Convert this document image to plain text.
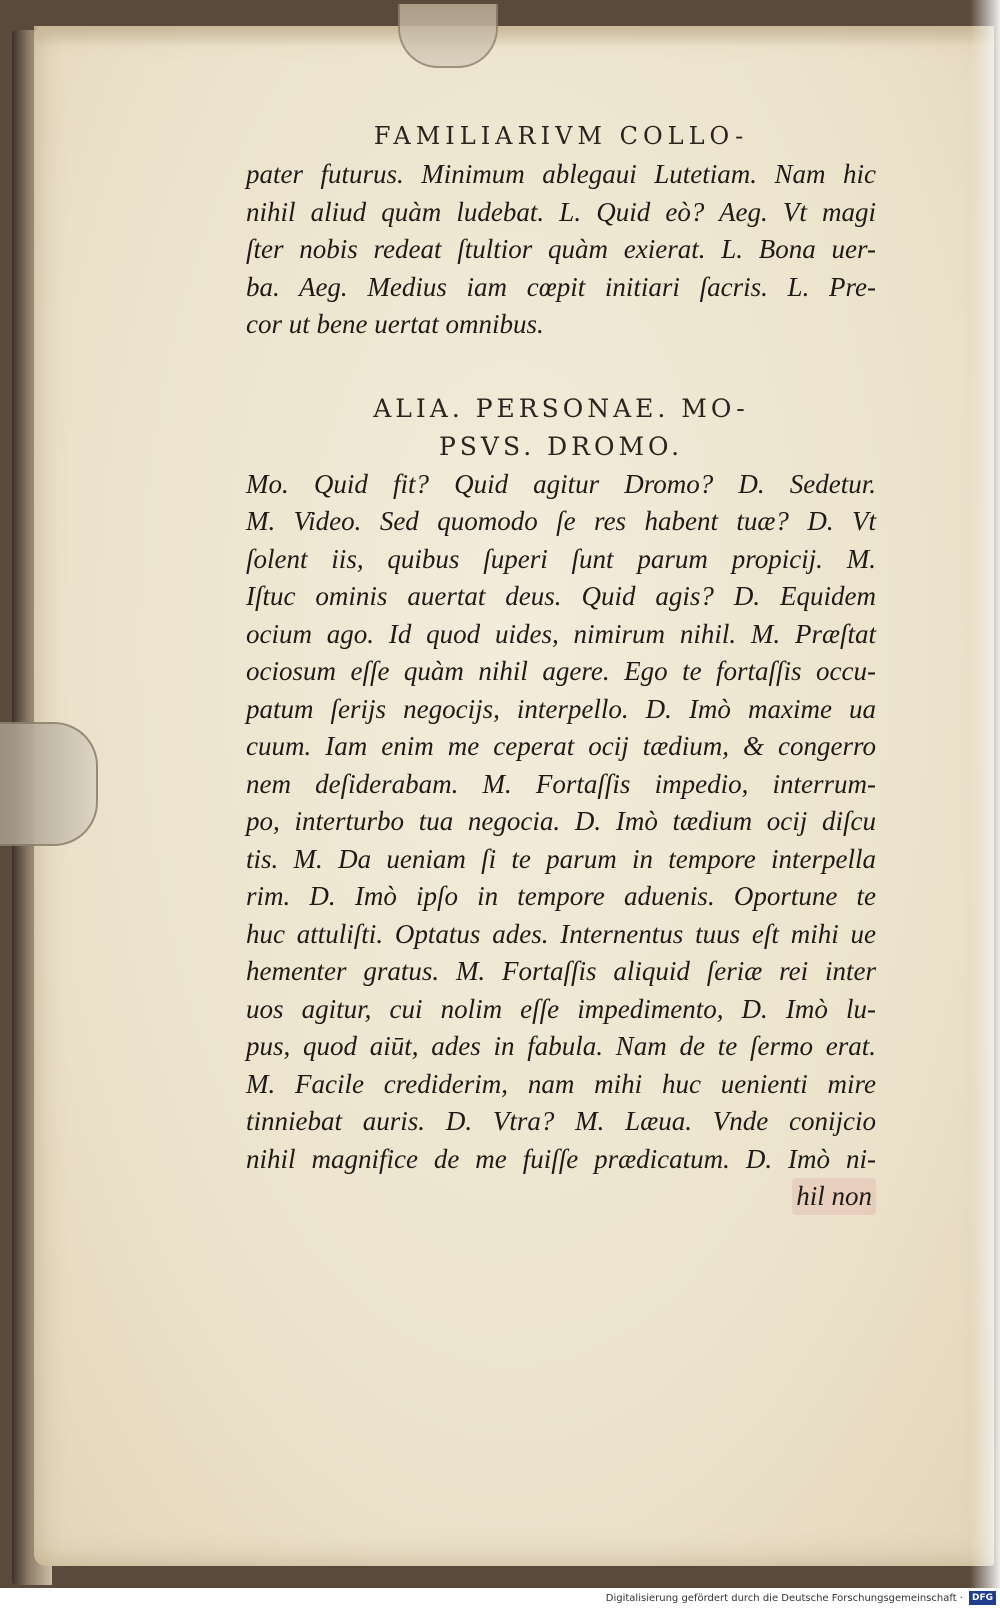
FAMILIARIVM COLLO-

pater futurus. Minimum ablegaui Lutetiam. Nam hic

nihil aliud quàm ludebat. L. Quid eò? Aeg. Vt magi

ſter nobis redeat ſtultior quàm exierat. L. Bona uer-

ba. Aeg. Medius iam cœpit initiari ſacris. L. Pre-

cor ut bene uertat omnibus.

ALIA. PERSONAE. MO-

PSVS. DROMO.

Mo. Quid fit? Quid agitur Dromo? D. Sedetur.

M. Video. Sed quomodo ſe res habent tuæ? D. Vt

ſolent iis, quibus ſuperi ſunt parum propicij. M.

Iſtuc ominis auertat deus. Quid agis? D. Equidem

ocium ago. Id quod uides, nimirum nihil. M. Præſtat

ociosum eſſe quàm nihil agere. Ego te fortaſſis occu-

patum ſerijs negocijs, interpello. D. Imò maxime ua

cuum. Iam enim me ceperat ocij tædium, & congerro

nem deſiderabam. M. Fortaſſis impedio, interrum-

po, interturbo tua negocia. D. Imò tædium ocij diſcu

tis. M. Da ueniam ſi te parum in tempore interpella

rim. D. Imò ipſo in tempore aduenis. Oportune te

huc attuliſti. Optatus ades. Internentus tuus eſt mihi ue

hementer gratus. M. Fortaſſis aliquid ſeriæ rei inter

uos agitur, cui nolim eſſe impedimento, D. Imò lu-

pus, quod aiūt, ades in fabula. Nam de te ſermo erat.

M. Facile crediderim, nam mihi huc uenienti mire

tinniebat auris. D. Vtra? M. Læua. Vnde conijcio

nihil magnifice de me fuiſſe prædicatum. D. Imò ni-

hil non

Digitalisierung gefördert durch die Deutsche Forschungsgemeinschaft · DFG
